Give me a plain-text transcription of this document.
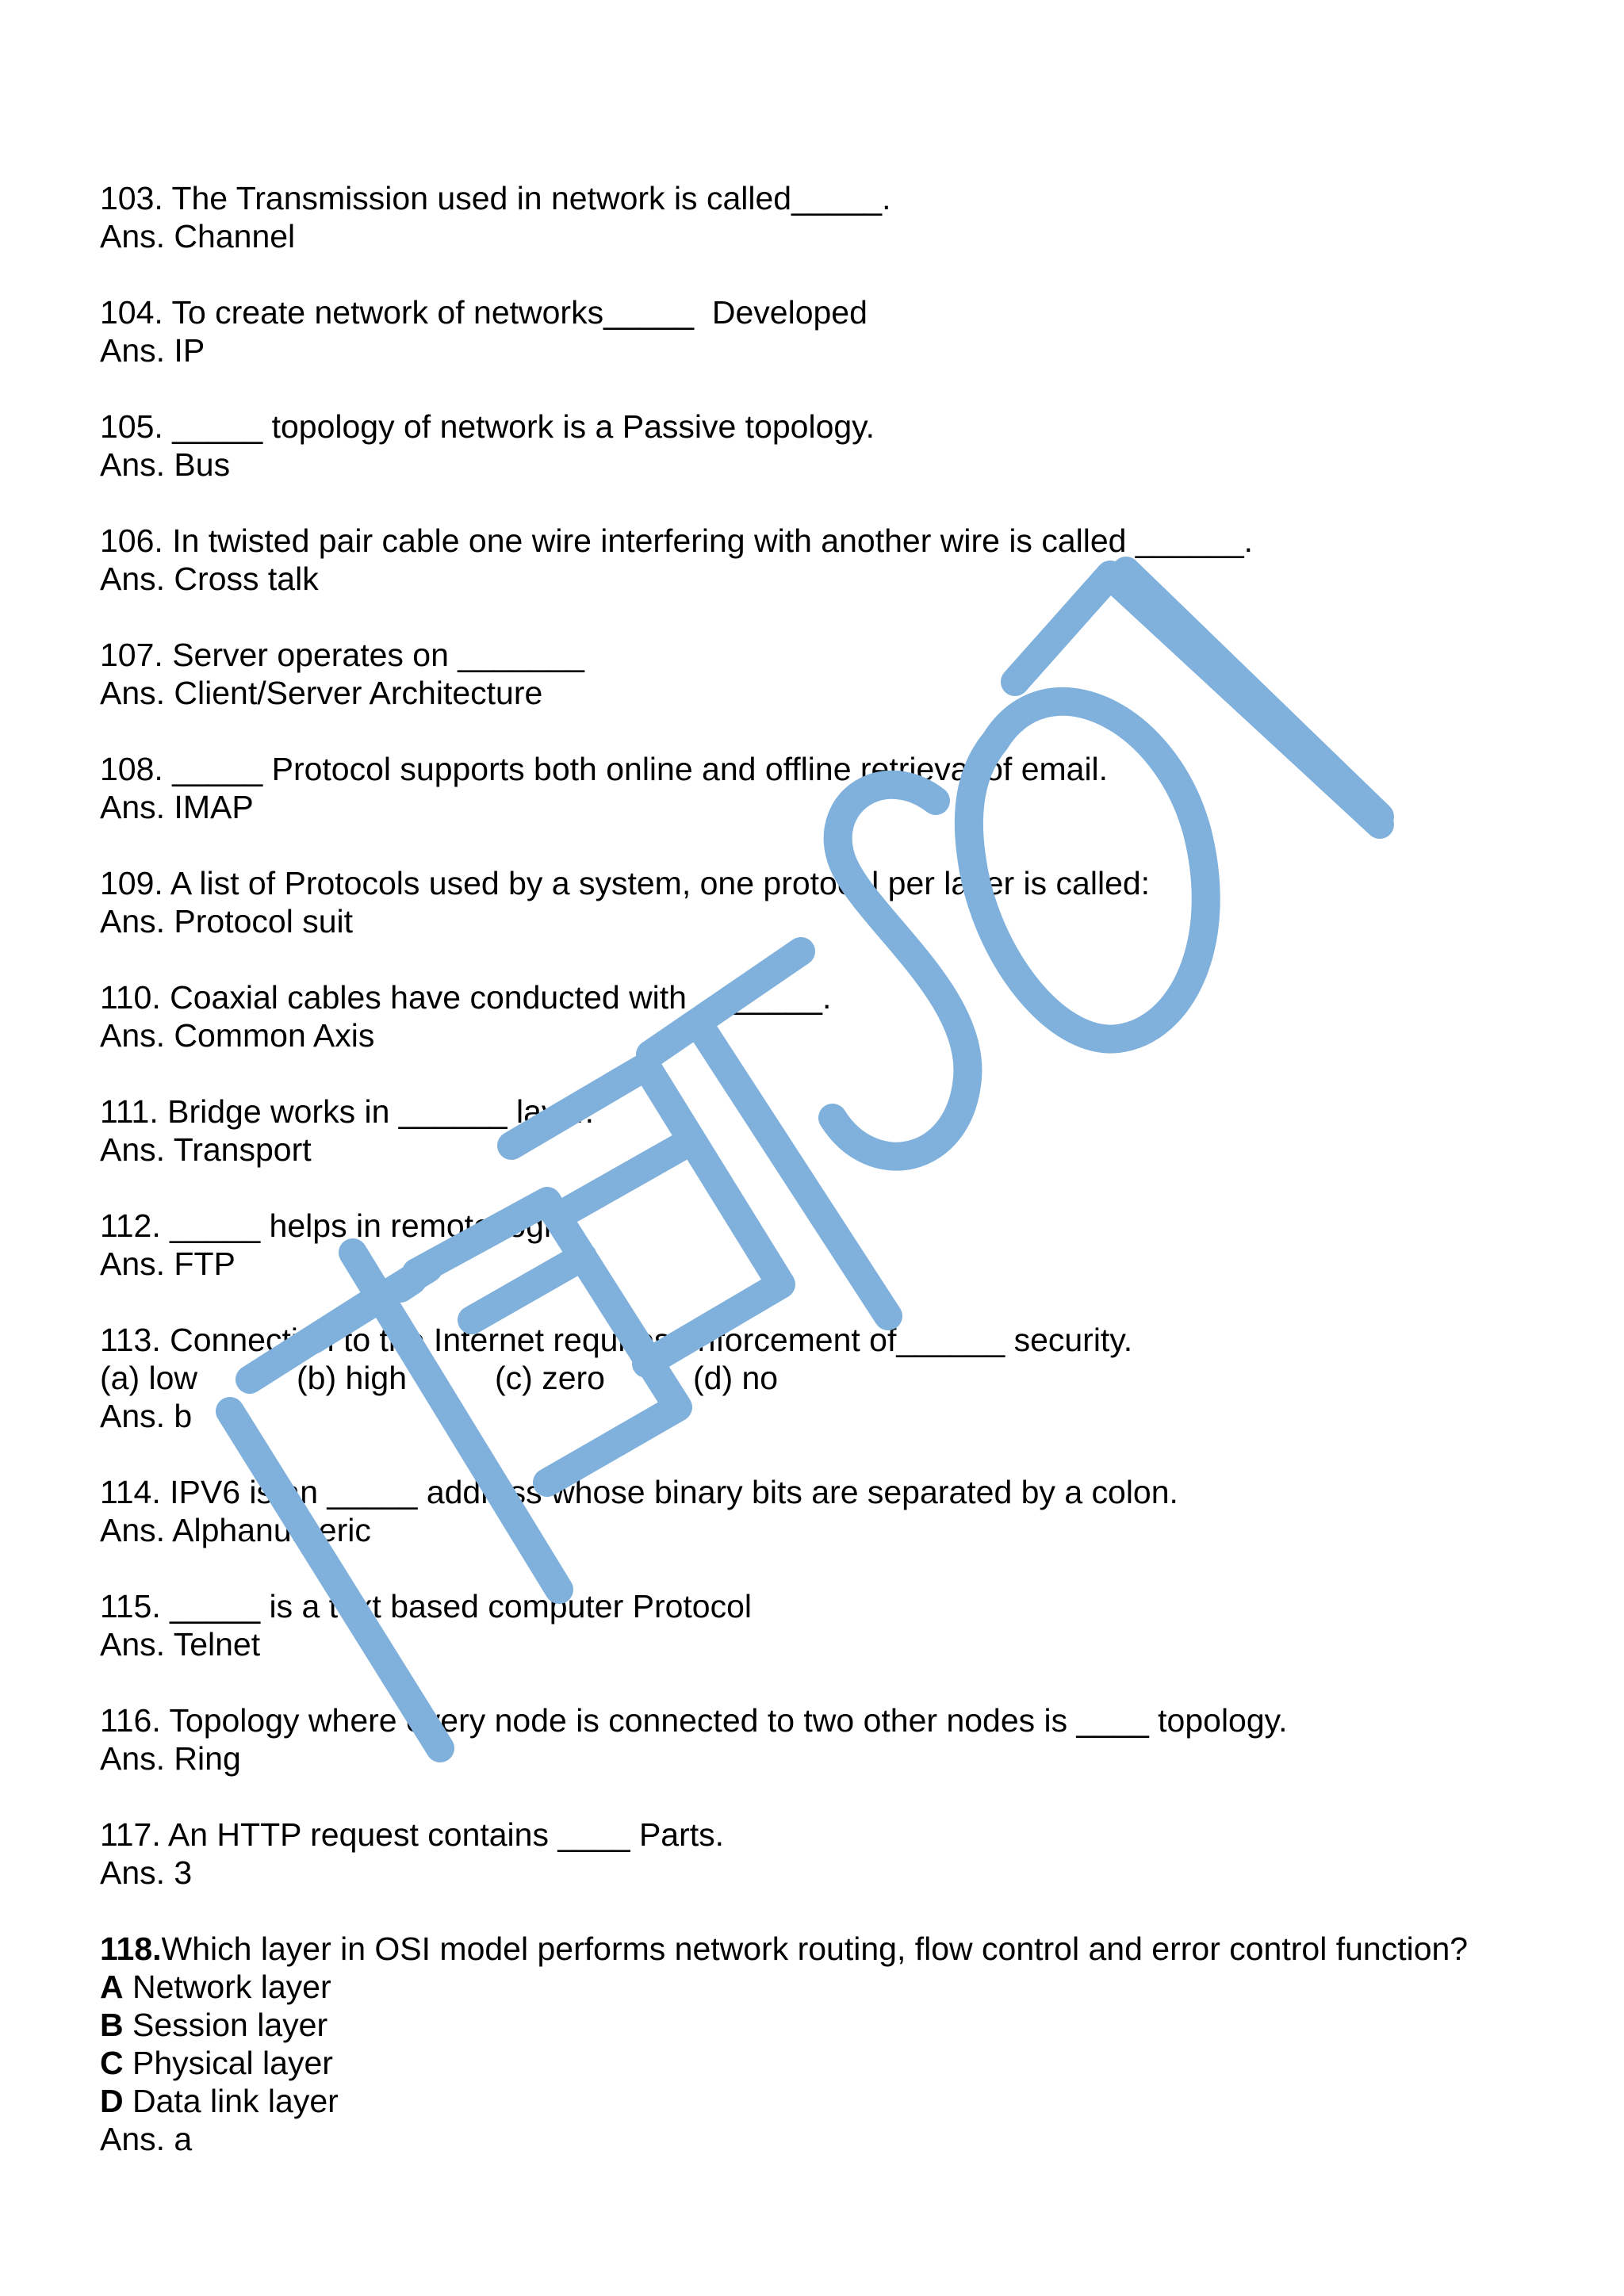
103. The Transmission used in network is called_____.
Ans. Channel
104. To create network of networks_____  Developed
Ans. IP
105. _____ topology of network is a Passive topology.
Ans. Bus
106. In twisted pair cable one wire interfering with another wire is called ______.
Ans. Cross talk
107. Server operates on _______
Ans. Client/Server Architecture
108. _____ Protocol supports both online and offline retrieval of email.
Ans. IMAP
109. A list of Protocols used by a system, one protocol per layer is called:
Ans. Protocol suit
110. Coaxial cables have conducted with _______.
Ans. Common Axis
111. Bridge works in ______ layer.
Ans. Transport
112. _____ helps in remote login.
Ans. FTP
113. Connection to the Internet requires enforcement of______ security.
(a) low	(b) high	(c) zero	(d) no
Ans. b
114. IPV6 is an _____ address whose binary bits are separated by a colon.
Ans. Alphanumeric
115. _____ is a text based computer Protocol
Ans. Telnet
116. Topology where every node is connected to two other nodes is ____ topology.
Ans. Ring
117. An HTTP request contains ____ Parts.
Ans. 3
118.Which layer in OSI model performs network routing, flow control and error control function?
A Network layer
B Session layer
C Physical layer
D Data link layer
Ans. a
